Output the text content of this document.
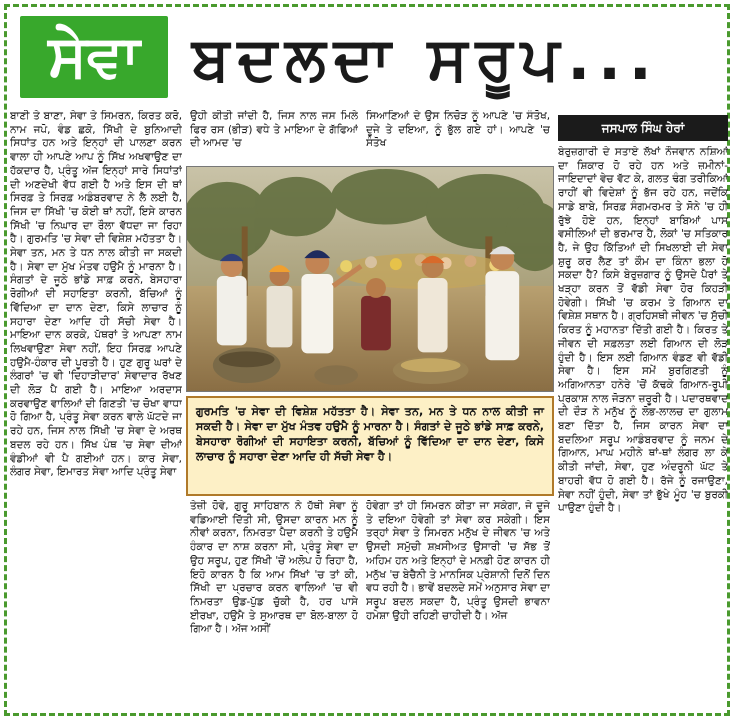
ਸੇਵਾ ਬਦਲਦਾ ਸਰੂਪ...

ਬਾਣੀ ਤੇ ਬਾਣਾ, ਸੇਵਾ ਤੇ ਸਿਮਰਨ, ਕਿਰਤ ਕਰੋ, ਨਾਮ ਜਪੋ, ਵੰਡ ਛਕੋ, ਸਿੱਖੀ ਦੇ ਬੁਨਿਆਦੀ ਸਿਧਾਂਤ ਹਨ ਅਤੇ ਇਨ੍ਹਾਂ ਦੀ ਪਾਲਣਾ ਕਰਨ ਵਾਲਾ ਹੀ ਆਪਣੇ ਆਪ ਨੂੰ ਸਿੱਖ ਅਖਵਾਉਣ ਦਾ ਹੱਕਦਾਰ ਹੈ, ਪ੍ਰੰਤੂ ਅੱਜ ਇਨ੍ਹਾਂ ਸਾਰੇ ਸਿਧਾਂਤਾਂ ਦੀ ਅਣਦੇਖੀ ਵੱਧ ਗਈ ਹੈ ਅਤੇ ਇਸ ਦੀ ਥਾਂ ਸਿਰਫ਼ ਤੇ ਸਿਰਫ਼ ਅਡੰਬਰਵਾਦ ਨੇ ਲੈ ਲਈ ਹੈ, ਜਿਸ ਦਾ ਸਿੱਖੀ 'ਚ ਕੋਈ ਥਾਂ ਨਹੀਂ, ਇਸੇ ਕਾਰਨ ਸਿੱਖੀ 'ਚ ਨਿਘਾਰ ਦਾ ਰੌਲਾ ਵੱਧਦਾ ਜਾ ਰਿਹਾ ਹੈ। ਗੁਰਮਤਿ 'ਚ ਸੇਵਾ ਦੀ ਵਿਸ਼ੇਸ਼ ਮਹੱਤਤਾ ਹੈ। ਸੇਵਾ ਤਨ, ਮਨ ਤੇ ਧਨ ਨਾਲ ਕੀਤੀ ਜਾ ਸਕਦੀ ਹੈ। ਸੇਵਾ ਦਾ ਮੁੱਖ ਮੰਤਵ ਹਉਮੈ ਨੂੰ ਮਾਰਨਾ ਹੈ। ਸੰਗਤਾਂ ਦੇ ਜੂਠੇ ਭਾਂਡੇ ਸਾਫ਼ ਕਰਨੇ, ਬੇਸਹਾਰਾ ਰੋਗੀਆਂ ਦੀ ਸਹਾਇਤਾ ਕਰਨੀ, ਬੱਚਿਆਂ ਨੂੰ ਵਿੱਦਿਆ ਦਾ ਦਾਨ ਦੇਣਾ, ਕਿਸੇ ਲਾਚਾਰ ਨੂੰ ਸਹਾਰਾ ਦੇਣਾ ਆਦਿ ਹੀ ਸੱਚੀ ਸੇਵਾ ਹੈ। ਮਾਇਆ ਦਾਨ ਕਰਕੇ, ਪੱਥਰਾਂ ਤੇ ਆਪਣਾ ਨਾਮ ਲਿਖਵਾਉਣਾ ਸੇਵਾ ਨਹੀਂ, ਇਹ ਸਿਰਫ਼ ਆਪਣੇ ਹਉਮੈ-ਹੰਕਾਰ ਦੀ ਪੂਰਤੀ ਹੈ। ਹੁਣ ਗੁਰੂ ਘਰਾਂ ਦੇ ਲੰਗਰਾਂ 'ਚ ਵੀ 'ਦਿਹਾੜੀਦਾਰ' ਸੇਵਾਦਾਰ ਰੱਖਣ ਦੀ ਲੋੜ ਪੈ ਗਈ ਹੈ। ਮਾਇਆ ਅਰਦਾਸ ਕਰਵਾਉਣ ਵਾਲਿਆਂ ਦੀ ਗਿਣਤੀ 'ਚ ਚੋਖਾ ਵਾਧਾ ਹੋ ਗਿਆ ਹੈ, ਪ੍ਰੰਤੂ ਸੇਵਾ ਕਰਨ ਵਾਲੇ ਘੱਟਦੇ ਜਾ ਰਹੇ ਹਨ, ਜਿਸ ਨਾਲ ਸਿੱਖੀ 'ਚ ਸੇਵਾ ਦੇ ਅਰਥ ਬਦਲ ਰਹੇ ਹਨ। ਸਿੱਖ ਪੰਥ 'ਚ ਸੇਵਾ ਦੀਆਂ ਵੰਡੀਆਂ ਵੀ ਪੈ ਗਈਆਂ ਹਨ। ਕਾਰ ਸੇਵਾ, ਲੰਗਰ ਸੇਵਾ, ਇਮਾਰਤ ਸੇਵਾ ਆਦਿ ਪ੍ਰੰਤੂ ਸੇਵਾ

ਉਹੀ ਕੀਤੀ ਜਾਂਦੀ ਹੈ, ਜਿਸ ਨਾਲ ਜਸ ਮਿਲੇ ਫਿਰ ਰਸ (ਭੀੜ) ਵਧੇ ਤੇ ਮਾਇਆ ਦੇ ਗੱਫਿਆਂ ਦੀ ਆਮਦ 'ਚ

ਸਿਆਣਿਆਂ ਦੇ ਉਸ ਨਿਚੋੜ ਨੂੰ ਆਪਣੇ 'ਚ ਸੰਤੋਖ, ਦੂਜੇ ਤੇ ਦਇਆ, ਨੂੰ ਭੁੱਲ ਗਏ ਹਾਂ। ਆਪਣੇ 'ਚ ਸੰਤੋਖ

ਜਸਪਾਲ ਸਿੰਘ ਹੇਰਾਂ

ਬੇਰੁਜ਼ਗਾਰੀ ਦੇ ਸਤਾਏ ਲੱਖਾਂ ਨੌਜਵਾਨ ਨਸ਼ਿਆਂ ਦਾ ਸ਼ਿਕਾਰ ਹੋ ਰਹੇ ਹਨ ਅਤੇ ਜ਼ਮੀਨਾਂ-ਜਾਇਦਾਦਾਂ ਵੇਚ ਵੱਟ ਕੇ, ਗਲਤ ਢੰਗ ਤਰੀਕਿਆਂ ਰਾਹੀਂ ਵੀ ਵਿਦੇਸ਼ਾਂ ਨੂੰ ਭੱਜ ਰਹੇ ਹਨ, ਜਦੋਂਕਿ ਸਾਡੇ ਬਾਬੇ, ਸਿਰਫ਼ ਸੰਗਮਰਮਰ ਤੇ ਸੋਨੇ 'ਚ ਹੀ ਰੁੱਝੇ ਹੋਏ ਹਨ, ਇਨ੍ਹਾਂ ਬਾਬਿਆਂ ਪਾਸ ਵਸੀਲਿਆਂ ਦੀ ਭਰਮਾਰ ਹੈ, ਲੋਕਾਂ 'ਚ ਸਤਿਕਾਰ ਹੈ, ਜੇ ਉਹ ਕਿੱਤਿਆਂ ਦੀ ਸਿਖਲਾਈ ਦੀ ਸੇਵਾ ਸ਼ੁਰੂ ਕਰ ਲੈਣ ਤਾਂ ਕੌਮ ਦਾ ਕਿੰਨਾ ਭਲਾ ਹੋ ਸਕਦਾ ਹੈ? ਕਿਸੇ ਬੇਰੁਜ਼ਗਾਰ ਨੂੰ ਉਸਦੇ ਪੈਰਾਂ ਤੇ ਖੜ੍ਹਾ ਕਰਨ ਤੋਂ ਵੱਡੀ ਸੇਵਾ ਹੋਰ ਕਿਹੜੀ ਹੋਵੇਗੀ। ਸਿੱਖੀ 'ਚ ਕਰਮ ਤੇ ਗਿਆਨ ਦਾ ਵਿਸ਼ੇਸ਼ ਸਥਾਨ ਹੈ। ਗ੍ਰਹਿਸਥੀ ਜੀਵਨ 'ਚ ਸੁੱਚੀ ਕਿਰਤ ਨੂੰ ਮਹਾਨਤਾ ਦਿੱਤੀ ਗਈ ਹੈ। ਕਿਰਤ ਤੇ ਜੀਵਨ ਦੀ ਸਫ਼ਲਤਾ ਲਈ ਗਿਆਨ ਦੀ ਲੋੜ ਹੁੰਦੀ ਹੈ। ਇਸ ਲਈ ਗਿਆਨ ਵੰਡਣ ਵੀ ਵੱਡੀ ਸੇਵਾ ਹੈ। ਇਸ ਸਮੇਂ ਬੁਰਗਿਣਤੀ ਨੂੰ ਅਗਿਆਨਤਾ ਹਨੇਰੇ 'ਚੋਂ ਕੱਢਕੇ ਗਿਆਨ-ਰੂਪੀ ਪ੍ਰਕਾਸ਼ ਨਾਲ ਜੋੜਨਾ ਜ਼ਰੂਰੀ ਹੈ। ਪਦਾਰਥਵਾਦ ਦੀ ਦੌੜ ਨੇ ਮਨੁੱਖ ਨੂੰ ਲੋਭ-ਲਾਲਚ ਦਾ ਗੁਲਾਮ ਬਣਾ ਦਿੱਤਾ ਹੈ, ਜਿਸ ਕਾਰਨ ਸੇਵਾ ਦਾ ਬਦਲਿਆ ਸਰੂਪ ਆਡੰਬਰਵਾਦ ਨੂੰ ਜਨਮ ਦੇ ਗਿਆਨ, ਮਾਘ ਮਹੀਨੇ ਥਾਂ-ਥਾਂ ਲੰਗਰ ਲਾ ਕੇ ਕੀਤੀ ਜਾਂਦੀ, ਸੇਵਾ, ਹੁਣ ਅੰਦਰੂਨੀ ਘੱਟ ਤੇ ਬਾਹਰੀ ਵੱਧ ਹੋ ਗਈ ਹੈ। ਰੱਜੇ ਨੂੰ ਰਜਾਉਣਾ, ਸੇਵਾ ਨਹੀਂ ਹੁੰਦੀ, ਸੇਵਾ ਤਾਂ ਭੁੱਖੇ ਮੂੰਹ 'ਚ ਬੁਰਕੀ ਪਾਉਣਾ ਹੁੰਦੀ ਹੈ।

ਗੁਰਮਤਿ 'ਚ ਸੇਵਾ ਦੀ ਵਿਸ਼ੇਸ਼ ਮਹੱਤਤਾ ਹੈ। ਸੇਵਾ ਤਨ, ਮਨ ਤੇ ਧਨ ਨਾਲ ਕੀਤੀ ਜਾ ਸਕਦੀ ਹੈ। ਸੇਵਾ ਦਾ ਮੁੱਖ ਮੰਤਵ ਹਉਮੈ ਨੂੰ ਮਾਰਨਾ ਹੈ। ਸੰਗਤਾਂ ਦੇ ਜੂਠੇ ਭਾਂਡੇ ਸਾਫ਼ ਕਰਨੇ, ਬੇਸਹਾਰਾ ਰੋਗੀਆਂ ਦੀ ਸਹਾਇਤਾ ਕਰਨੀ, ਬੱਚਿਆਂ ਨੂੰ ਵਿੱਦਿਆ ਦਾ ਦਾਨ ਦੇਣਾ, ਕਿਸੇ ਲਾਚਾਰ ਨੂੰ ਸਹਾਰਾ ਦੇਣਾ ਆਦਿ ਹੀ ਸੱਚੀ ਸੇਵਾ ਹੈ।

ਤੇਜ਼ੀ ਹੋਵੇ, ਗੁਰੂ ਸਾਹਿਬਾਨ ਨੇ ਹੱਥੀ ਸੇਵਾ ਨੂੰ ਵਡਿਆਈ ਦਿੱਤੀ ਸੀ, ਉਸਦਾ ਕਾਰਨ ਮਨ ਨੂੰ ਨੀਵਾਂ ਕਰਨਾ, ਨਿਮਰਤਾ ਪੈਦਾ ਕਰਨੀ ਤੇ ਹਉਮੈ ਹੰਕਾਰ ਦਾ ਨਾਸ਼ ਕਰਨਾ ਸੀ, ਪ੍ਰੰਤੂ ਸੇਵਾ ਦਾ ਉਹ ਸਰੂਪ, ਹੁਣ ਸਿੱਖੀ 'ਚੋਂ ਅਲੋਪ ਹੋ ਰਿਹਾ ਹੈ, ਇਹੋ ਕਾਰਨ ਹੈ ਕਿ ਆਮ ਸਿੱਖਾਂ 'ਚ ਤਾਂ ਕੀ, ਸਿੱਖੀ ਦਾ ਪ੍ਰਚਾਰ ਕਰਨ ਵਾਲਿਆਂ 'ਚ ਵੀ ਨਿਮਰਤਾ ਉਡ-ਪੁੱਡ ਚੁੱਕੀ ਹੈ, ਹਰ ਪਾਸੇ ਈਰਖਾ, ਹਉਮੈ ਤੇ ਸੁਆਰਥ ਦਾ ਬੋਲ-ਬਾਲਾ ਹੋ ਗਿਆ ਹੈ। ਅੱਜ ਅਸੀਂ

ਹੋਵੇਗਾ ਤਾਂ ਹੀ ਸਿਮਰਨ ਕੀਤਾ ਜਾ ਸਕੇਗਾ, ਜੇ ਦੂਜੇ ਤੇ ਦਇਆ ਹੋਵੇਗੀ ਤਾਂ ਸੇਵਾ ਕਰ ਸਕੇਗੀ। ਇਸ ਤਰ੍ਹਾਂ ਸੇਵਾ ਤੇ ਸਿਮਰਨ ਮਨੁੱਖ ਦੇ ਜੀਵਨ 'ਚ ਅਤੇ ਉਸਦੀ ਸਮੁੱਚੀ ਸ਼ਖ਼ਸੀਅਤ ਉਸਾਰੀ 'ਚ ਸੱਭ ਤੋਂ ਅਹਿਮ ਹਨ ਅਤੇ ਇਨ੍ਹਾਂ ਦੇ ਮਨਫ਼ੀ ਹੋਣ ਕਾਰਨ ਹੀ ਮਨੁੱਖ 'ਚ ਬੇਚੈਨੀ ਤੇ ਮਾਨਸਿਕ ਪ੍ਰੇਸ਼ਾਨੀ ਦਿਨੋਂ ਦਿਨ ਵਧ ਰਹੀ ਹੈ। ਭਾਵੇਂ ਬਦਲਦੇ ਸਮੇਂ ਅਨੁਸਾਰ ਸੇਵਾ ਦਾ ਸਰੂਪ ਬਦਲ ਸਕਦਾ ਹੈ, ਪ੍ਰੰਤੂ ਉਸਦੀ ਭਾਵਨਾ ਹਮੇਸ਼ਾ ਉਹੀ ਰਹਿਣੀ ਚਾਹੀਦੀ ਹੈ। ਅੱਜ
